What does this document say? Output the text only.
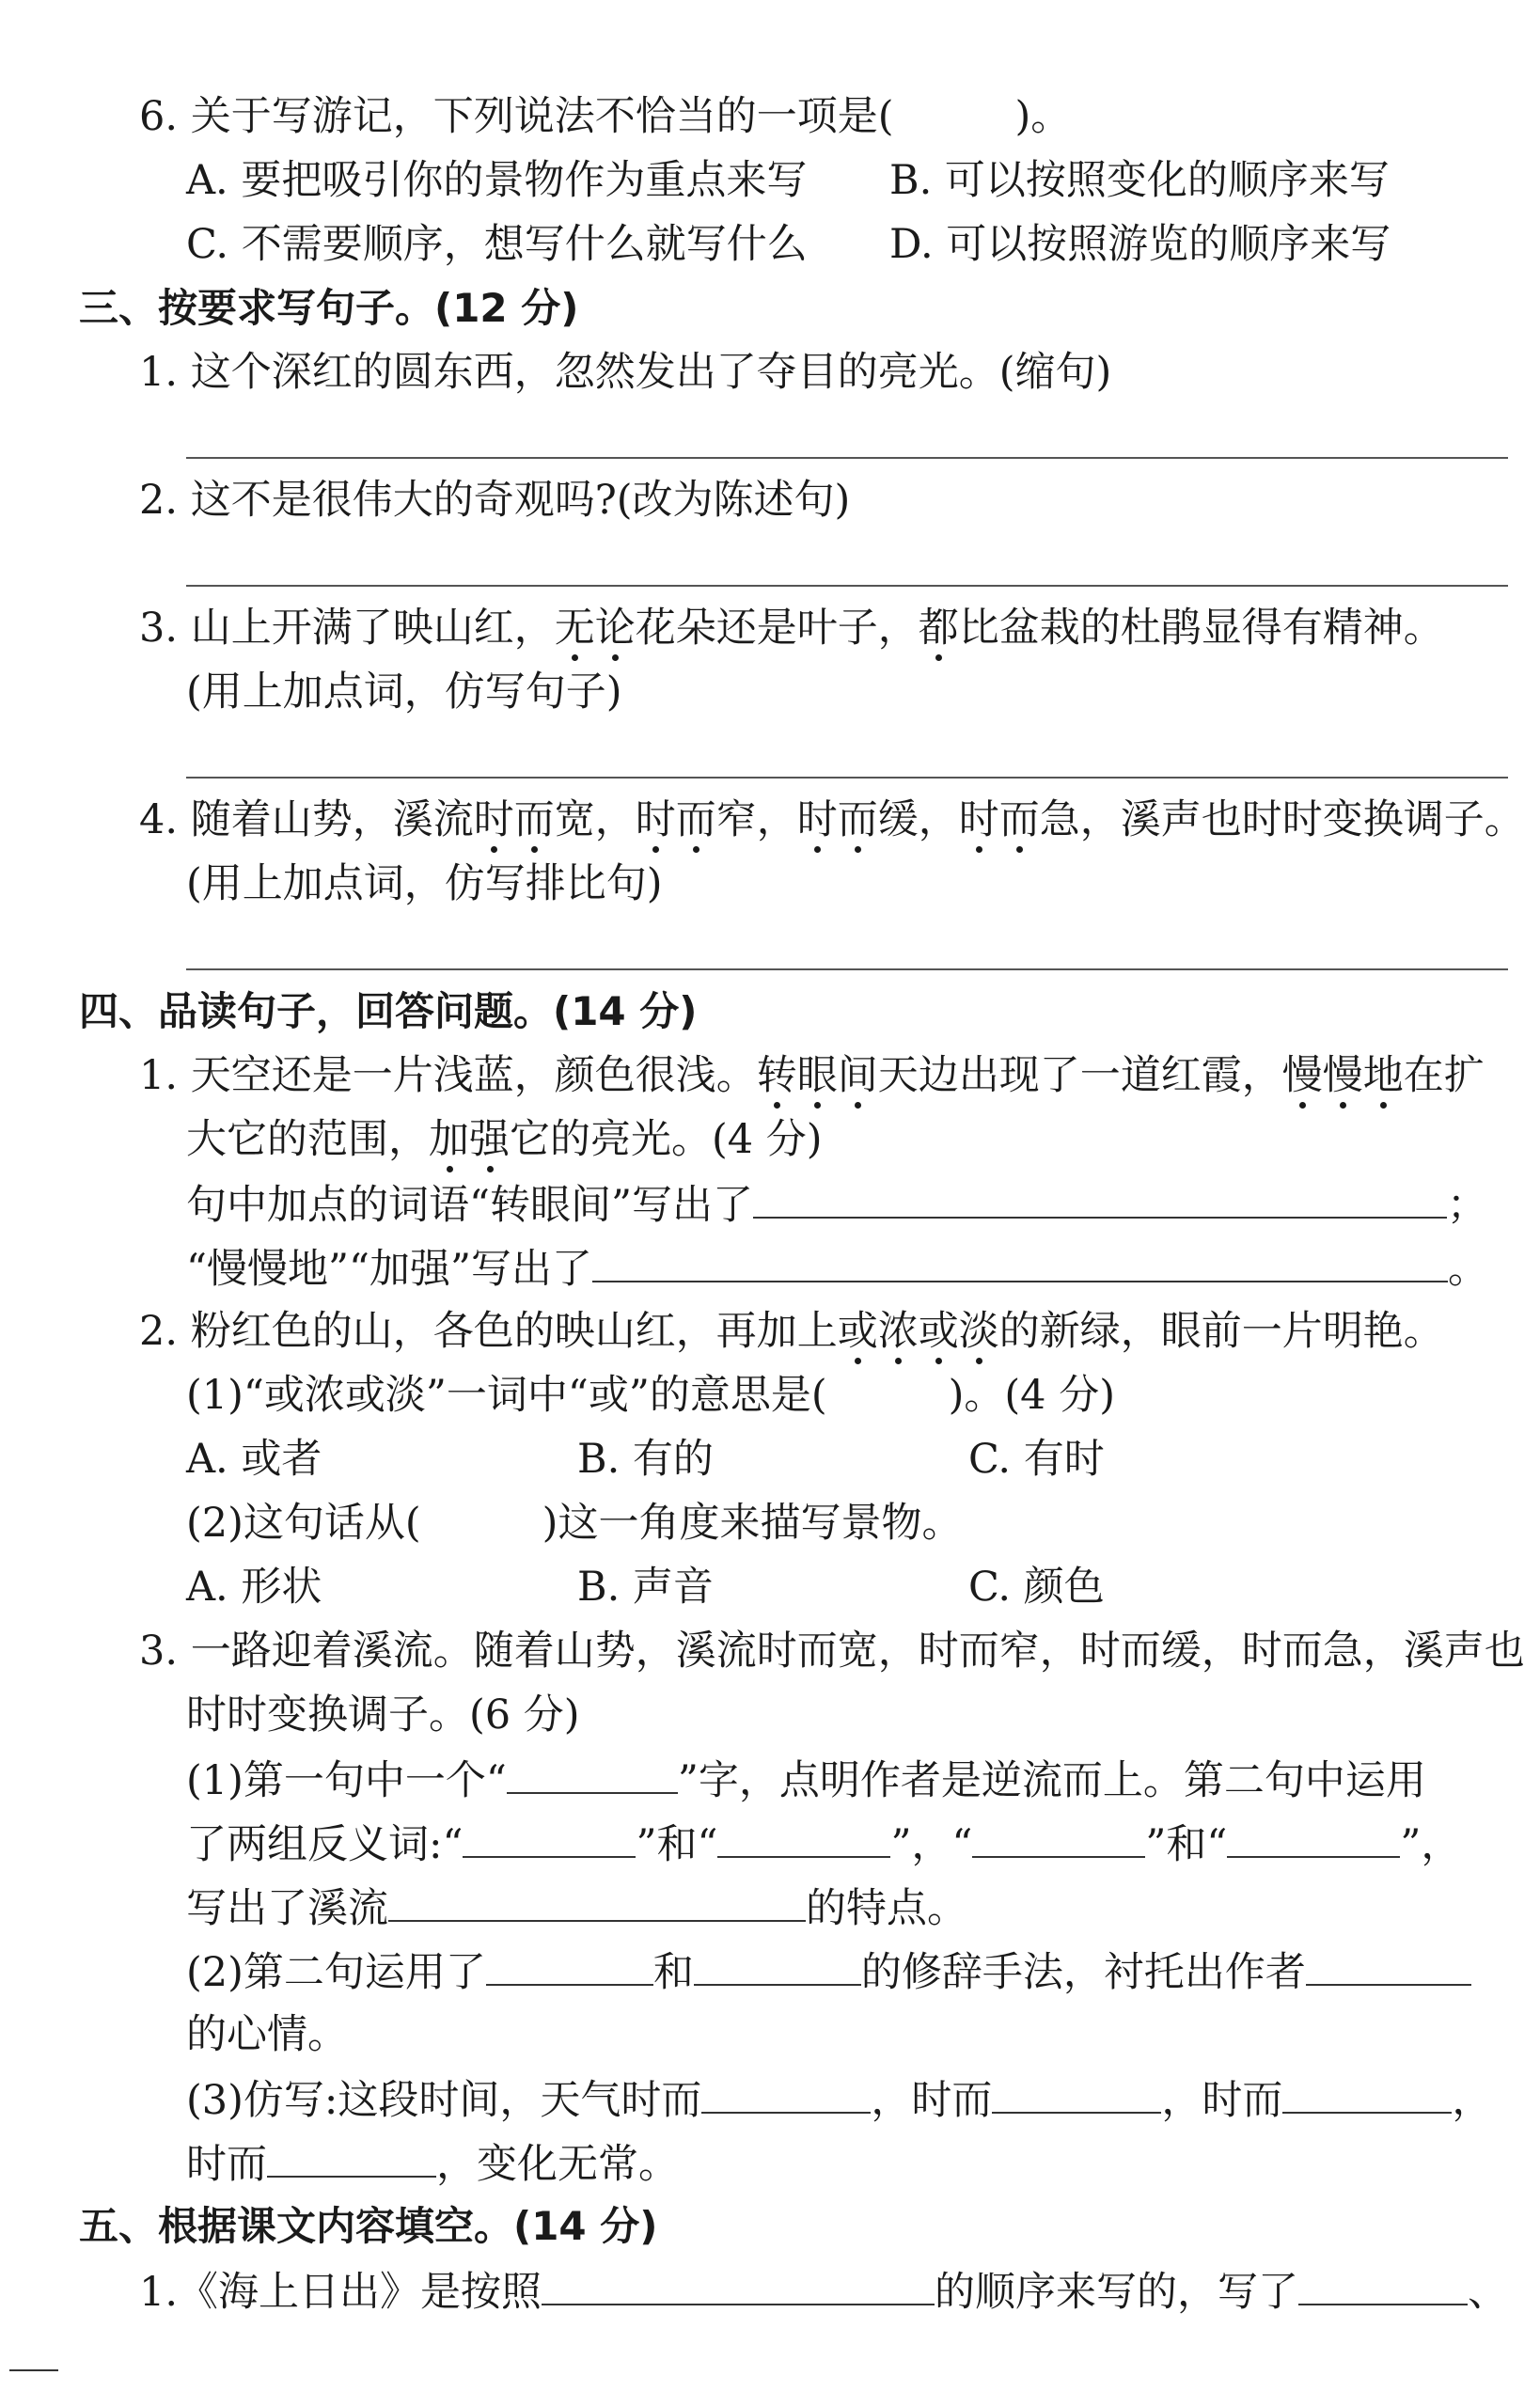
6. 关于写游记，下列说法不恰当的一项是(　　　)。
A. 要把吸引你的景物作为重点来写 B. 可以按照变化的顺序来写
C. 不需要顺序，想写什么就写什么 D. 可以按照游览的顺序来写
三、按要求写句子。(12 分)
1. 这个深红的圆东西，忽然发出了夺目的亮光。(缩句)
2. 这不是很伟大的奇观吗?(改为陈述句)
3. 山上开满了映山红，无论花朵还是叶子，都比盆栽的杜鹃显得有精神。
(用上加点词，仿写句子)
4. 随着山势，溪流时而宽，时而窄，时而缓，时而急，溪声也时时变换调子。
(用上加点词，仿写排比句)
四、品读句子，回答问题。(14 分)
1. 天空还是一片浅蓝，颜色很浅。转眼间天边出现了一道红霞，慢慢地在扩
大它的范围，加强它的亮光。(4 分)
句中加点的词语“转眼间”写出了	；
“慢慢地”“加强”写出了	。
2. 粉红色的山，各色的映山红，再加上或浓或淡的新绿，眼前一片明艳。
(1)“或浓或淡”一词中“或”的意思是(　　　)。(4 分)
A. 或者	B. 有的	C. 有时
(2)这句话从(　　　)这一角度来描写景物。
A. 形状	B. 声音	C. 颜色
3. 一路迎着溪流。随着山势，溪流时而宽，时而窄，时而缓，时而急，溪声也
时时变换调子。(6 分)
(1)第一句中一个“	”字，点明作者是逆流而上。第二句中运用
了两组反义词:“	”和“	”，“	”和“	”，
写出了溪流	的特点。
(2)第二句运用了	和	的修辞手法，衬托出作者
的心情。
(3)仿写:这段时间，天气时而	，时而	，时而	，
时而	，变化无常。
五、根据课文内容填空。(14 分)
1.《海上日出》是按照	的顺序来写的，写了	、
